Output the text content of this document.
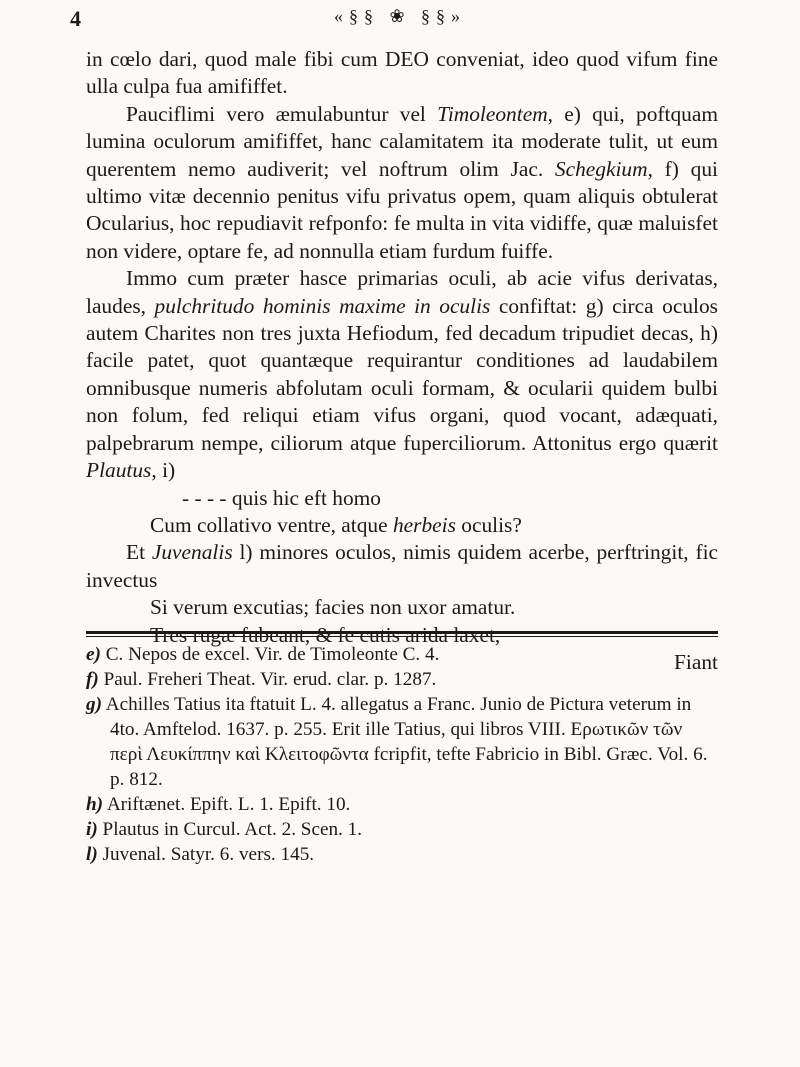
4	«§§ ❀ §§»

in cœlo dari, quod male fibi cum DEO conveniat, ideo quod vifum fine ulla culpa fua amififfet.

Pauciflimi vero æmulabuntur vel Timoleontem, e) qui, poftquam lumina oculorum amififfet, hanc calamitatem ita moderate tulit, ut eum querentem nemo audiverit; vel noftrum olim Jac. Schegkium, f) qui ultimo vitæ decennio penitus vifu privatus opem, quam aliquis obtulerat Ocularius, hoc repudiavit refponfo: fe multa in vita vidiffe, quæ maluisfet non videre, optare fe, ad nonnulla etiam furdum fuiffe.

Immo cum præter hasce primarias oculi, ab acie vifus derivatas, laudes, pulchritudo hominis maxime in oculis confiftat: g) circa oculos autem Charites non tres juxta Hefiodum, fed decadum tripudiet decas, h) facile patet, quot quantæque requirantur conditiones ad laudabilem omnibusque numeris abfolutam oculi formam, & ocularii quidem bulbi non folum, fed reliqui etiam vifus organi, quod vocant, adæquati, palpebrarum nempe, ciliorum atque fuperciliorum. Attonitus ergo quærit Plautus, i)

- - - - quis hic eft homo
Cum collativo ventre, atque herbeis oculis?

Et Juvenalis l) minores oculos, nimis quidem acerbe, perftringit, fic invectus

Si verum excutias; facies non uxor amatur.
Tres rugæ fubeant, & fe cutis arida laxet,

Fiant

e) C. Nepos de excel. Vir. de Timoleonte C. 4.

f) Paul. Freheri Theat. Vir. erud. clar. p. 1287.

g) Achilles Tatius ita ftatuit L. 4. allegatus a Franc. Junio de Pictura veterum in 4to. Amftelod. 1637. p. 255. Erit ille Tatius, qui libros VIII. Ερωτικῶν τῶν περὶ Λευκίππην καὶ Κλειτοφῶντα fcripfit, tefte Fabricio in Bibl. Græc. Vol. 6. p. 812.

h) Ariftænet. Epift. L. 1. Epift. 10.

i) Plautus in Curcul. Act. 2. Scen. 1.

l) Juvenal. Satyr. 6. vers. 145.
